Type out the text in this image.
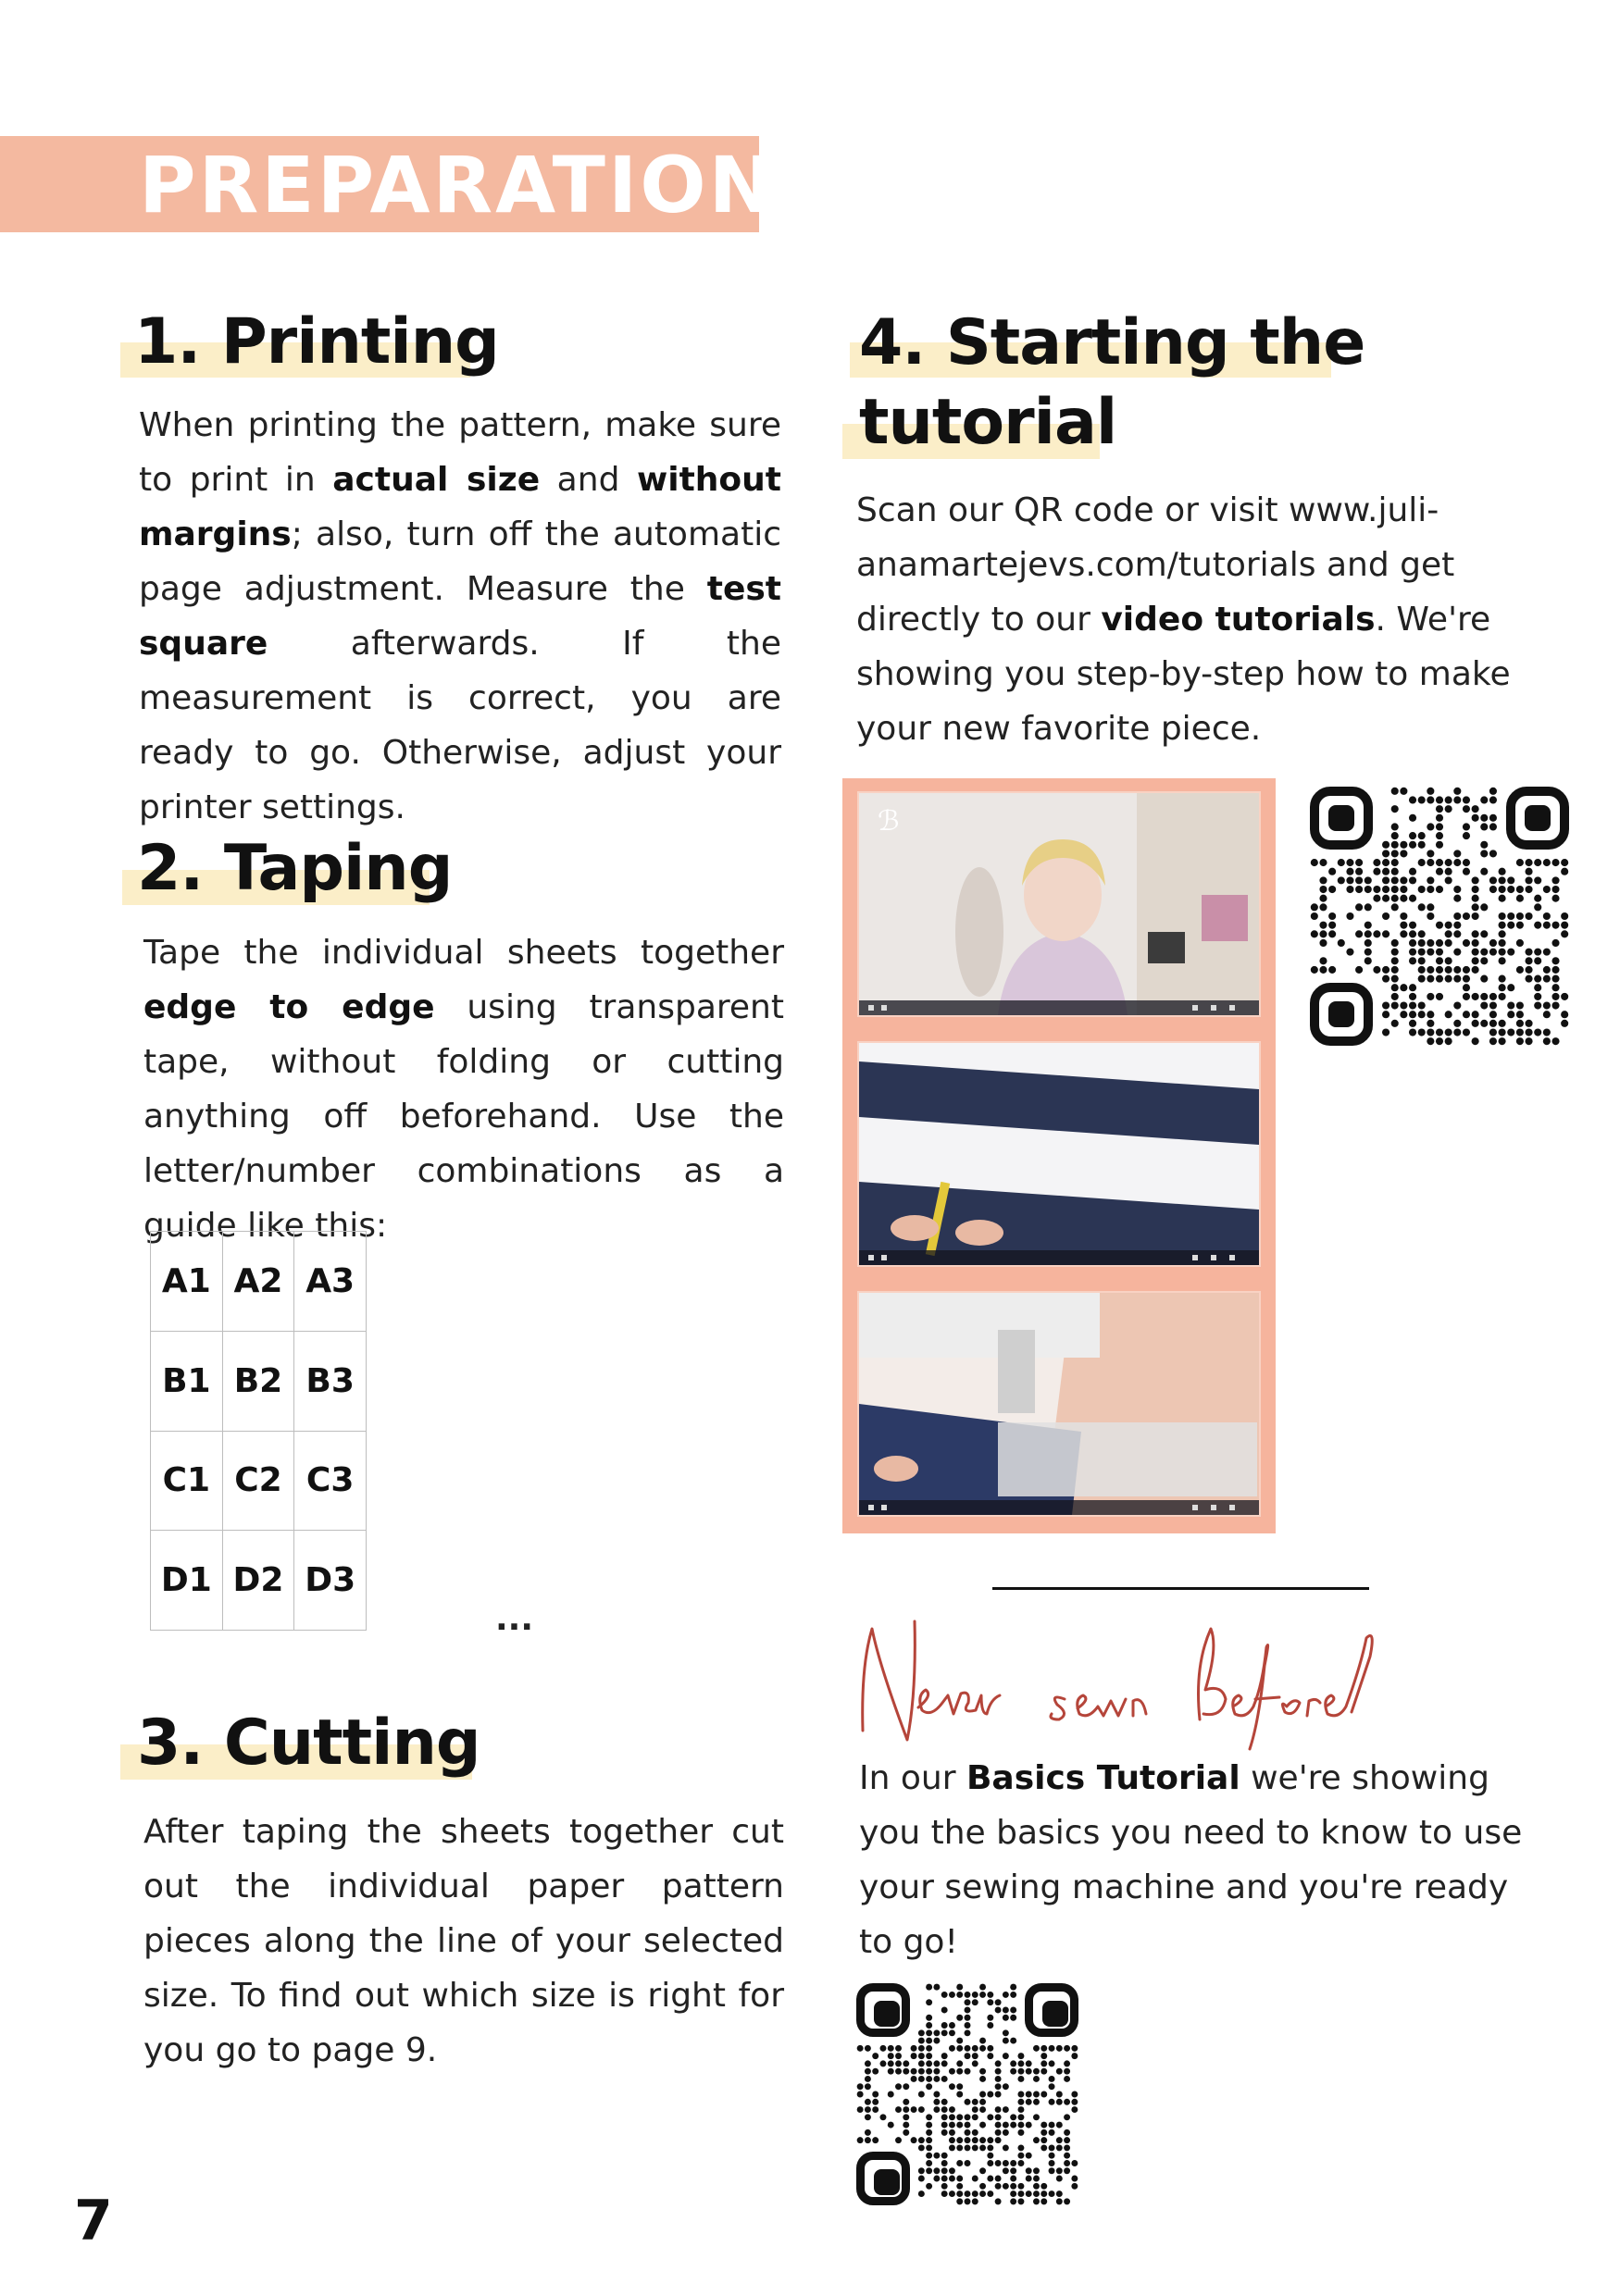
PREPARATION
1. Printing
When printing the pattern, make sure to print in actual size and without margins; also, turn off the automatic page adjustment. Measure the test square afterwards. If the measurement is correct, you are ready to go. Otherwise, adjust your printer settings.
2. Taping
Tape the individual sheets together edge to edge using transparent tape, without folding or cutting anything off beforehand. Use the letter/number combinations as a guide like this:
A1	A2	A3
B1	B2	B3
C1	C2	C3
D1	D2	D3
...
3. Cutting
After taping the sheets together cut out the individual paper pattern pieces along the line of your selected size. To find out which size is right for you go to page 9.
4. Starting the
tutorial
Scan our QR code or visit www.juli-anamartejevs.com/tutorials and get directly to our video tutorials. We're showing you step-by-step how to make your new favorite piece.
ℬ
In our Basics Tutorial we're showing you the basics you need to know to use your sewing machine and you're ready to go!
7
